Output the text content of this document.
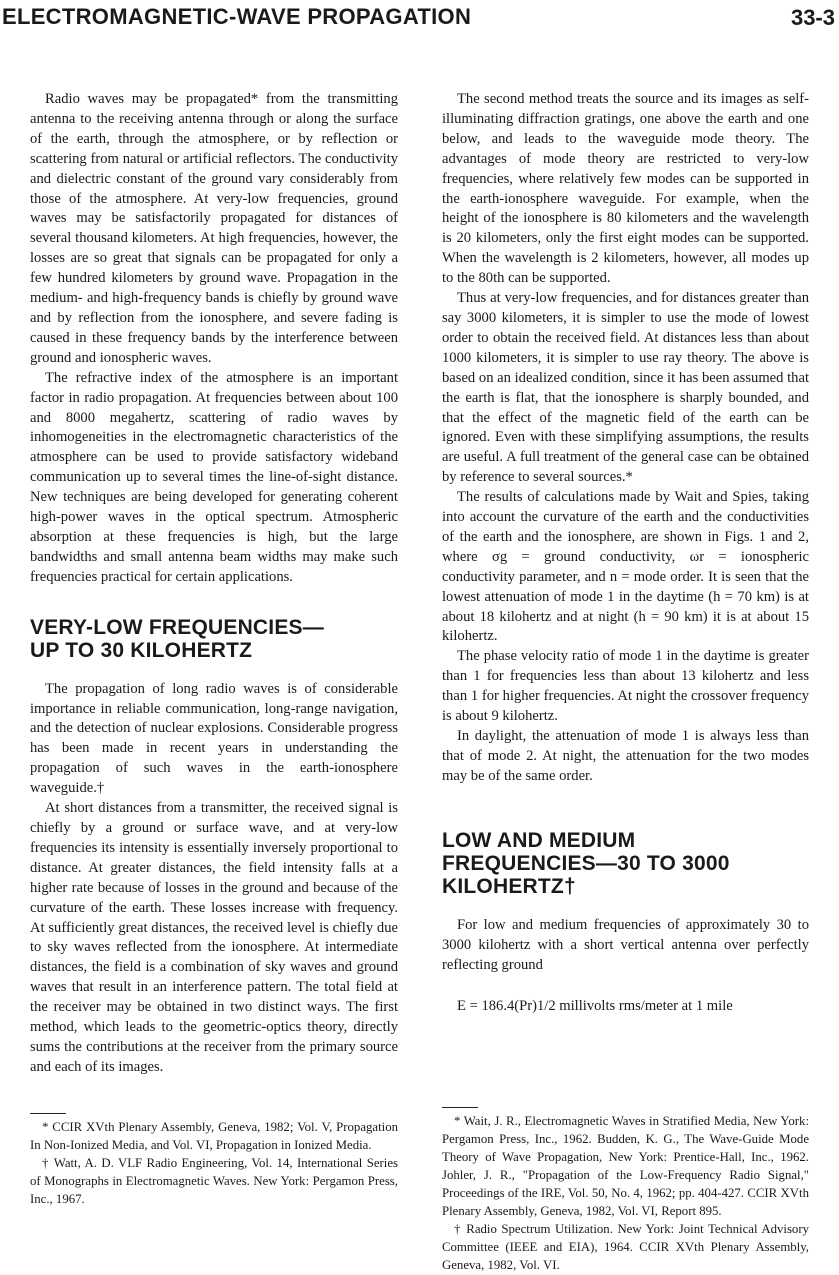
ELECTROMAGNETIC-WAVE PROPAGATION	33-3

Radio waves may be propagated* from the transmitting antenna to the receiving antenna through or along the surface of the earth, through the atmosphere, or by reflection or scattering from natural or artificial reflectors. The conductivity and dielectric constant of the ground vary considerably from those of the atmosphere. At very-low frequencies, ground waves may be satisfactorily propagated for distances of several thousand kilometers. At high frequencies, however, the losses are so great that signals can be propagated for only a few hundred kilometers by ground wave. Propagation in the medium- and high-frequency bands is chiefly by ground wave and by reflection from the ionosphere, and severe fading is caused in these frequency bands by the interference between ground and ionospheric waves.

The refractive index of the atmosphere is an important factor in radio propagation. At frequencies between about 100 and 8000 megahertz, scattering of radio waves by inhomogeneities in the electromagnetic characteristics of the atmosphere can be used to provide satisfactory wideband communication up to several times the line-of-sight distance. New techniques are being developed for generating coherent high-power waves in the optical spectrum. Atmospheric absorption at these frequencies is high, but the large bandwidths and small antenna beam widths may make such frequencies practical for certain applications.

VERY-LOW FREQUENCIES—
UP TO 30 KILOHERTZ

The propagation of long radio waves is of considerable importance in reliable communication, long-range navigation, and the detection of nuclear explosions. Considerable progress has been made in recent years in understanding the propagation of such waves in the earth-ionosphere waveguide.†

At short distances from a transmitter, the received signal is chiefly by a ground or surface wave, and at very-low frequencies its intensity is essentially inversely proportional to distance. At greater distances, the field intensity falls at a higher rate because of losses in the ground and because of the curvature of the earth. These losses increase with frequency. At sufficiently great distances, the received level is chiefly due to sky waves reflected from the ionosphere. At intermediate distances, the field is a combination of sky waves and ground waves that result in an interference pattern. The total field at the receiver may be obtained in two distinct ways. The first method, which leads to the geometric-optics theory, directly sums the contributions at the receiver from the primary source and each of its images.

The second method treats the source and its images as self-illuminating diffraction gratings, one above the earth and one below, and leads to the waveguide mode theory. The advantages of mode theory are restricted to very-low frequencies, where relatively few modes can be supported in the earth-ionosphere waveguide. For example, when the height of the ionosphere is 80 kilometers and the wavelength is 20 kilometers, only the first eight modes can be supported. When the wavelength is 2 kilometers, however, all modes up to the 80th can be supported.

Thus at very-low frequencies, and for distances greater than say 3000 kilometers, it is simpler to use the mode of lowest order to obtain the received field. At distances less than about 1000 kilometers, it is simpler to use ray theory. The above is based on an idealized condition, since it has been assumed that the earth is flat, that the ionosphere is sharply bounded, and that the effect of the magnetic field of the earth can be ignored. Even with these simplifying assumptions, the results are useful. A full treatment of the general case can be obtained by reference to several sources.*

The results of calculations made by Wait and Spies, taking into account the curvature of the earth and the conductivities of the earth and the ionosphere, are shown in Figs. 1 and 2, where σg = ground conductivity, ωr = ionospheric conductivity parameter, and n = mode order. It is seen that the lowest attenuation of mode 1 in the daytime (h = 70 km) is at about 18 kilohertz and at night (h = 90 km) it is at about 15 kilohertz.

The phase velocity ratio of mode 1 in the daytime is greater than 1 for frequencies less than about 13 kilohertz and less than 1 for higher frequencies. At night the crossover frequency is about 9 kilohertz.

In daylight, the attenuation of mode 1 is always less than that of mode 2. At night, the attenuation for the two modes may be of the same order.

LOW AND MEDIUM
FREQUENCIES—30 TO 3000
KILOHERTZ†

For low and medium frequencies of approximately 30 to 3000 kilohertz with a short vertical antenna over perfectly reflecting ground

E = 186.4(Pr)1/2 millivolts rms/meter at 1 mile

* CCIR XVth Plenary Assembly, Geneva, 1982; Vol. V, Propagation In Non-Ionized Media, and Vol. VI, Propagation in Ionized Media.

† Watt, A. D. VLF Radio Engineering, Vol. 14, International Series of Monographs in Electromagnetic Waves. New York: Pergamon Press, Inc., 1967.

* Wait, J. R., Electromagnetic Waves in Stratified Media, New York: Pergamon Press, Inc., 1962. Budden, K. G., The Wave-Guide Mode Theory of Wave Propagation, New York: Prentice-Hall, Inc., 1962. Johler, J. R., "Propagation of the Low-Frequency Radio Signal," Proceedings of the IRE, Vol. 50, No. 4, 1962; pp. 404-427. CCIR XVth Plenary Assembly, Geneva, 1982, Vol. VI, Report 895.

† Radio Spectrum Utilization. New York: Joint Technical Advisory Committee (IEEE and EIA), 1964. CCIR XVth Plenary Assembly, Geneva, 1982, Vol. VI.
